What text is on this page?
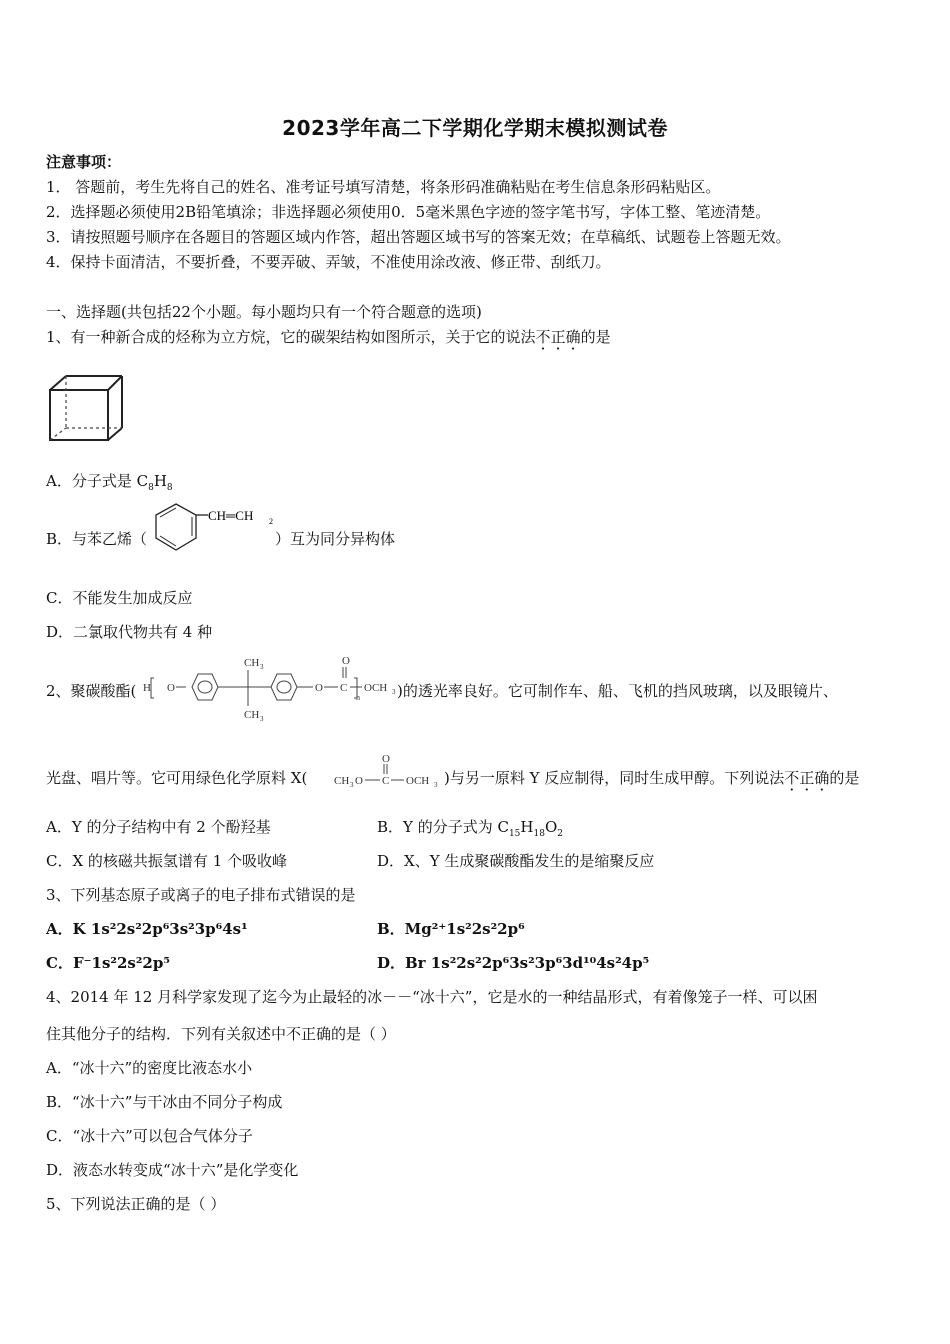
2023学年高二下学期化学期末模拟测试卷
注意事项：
1． 答题前，考生先将自己的姓名、准考证号填写清楚，将条形码准确粘贴在考生信息条形码粘贴区。
2．选择题必须使用2B铅笔填涂；非选择题必须使用0．5毫米黑色字迹的签字笔书写，字体工整、笔迹清楚。
3．请按照题号顺序在各题目的答题区域内作答，超出答题区域书写的答案无效；在草稿纸、试题卷上答题无效。
4．保持卡面清洁，不要折叠，不要弄破、弄皱，不准使用涂改液、修正带、刮纸刀。
一、选择题(共包括22个小题。每小题均只有一个符合题意的选项)
1、有一种新合成的烃称为立方烷，它的碳架结构如图所示，关于它的说法不正确的是
A．分子式是 $C_8H_8$
B．与苯乙烯（
CH═CH 2
）互为同分异构体
C．不能发生加成反应
D．二氯取代物共有 4 种
2、聚碳酸酯( H O
CH 3
CH 3
O C
O
n
OCH 3 )的透光率良好。它可制作车、船、飞机的挡风玻璃，以及眼镜片、
光盘、唱片等。它可用绿色化学原料 X( CH 3 O C
O
OCH 3 )与另一原料 Y 反应制得，同时生成甲醇。下列说法不正确的是
A．Y 的分子结构中有 2 个酚羟基	B．Y 的分子式为 $C_{15}H_{18}O_2$
C．X 的核磁共振氢谱有 1 个吸收峰	D．X、Y 生成聚碳酸酯发生的是缩聚反应
3、下列基态原子或离子的电子排布式错误的是
A．K 1s²2s²2p⁶3s²3p⁶4s¹	B．Mg²⁺1s²2s²2p⁶
C．F⁻1s²2s²2p⁵	D．Br 1s²2s²2p⁶3s²3p⁶3d¹⁰4s²4p⁵
4、2014 年 12 月科学家发现了迄今为止最轻的冰－－“冰十六”，它是水的一种结晶形式，有着像笼子一样、可以困
住其他分子的结构．下列有关叙述中不正确的是（ ）
A．“冰十六”的密度比液态水小
B．“冰十六”与干冰由不同分子构成
C．“冰十六”可以包合气体分子
D．液态水转变成“冰十六”是化学变化
5、下列说法正确的是（ ）
